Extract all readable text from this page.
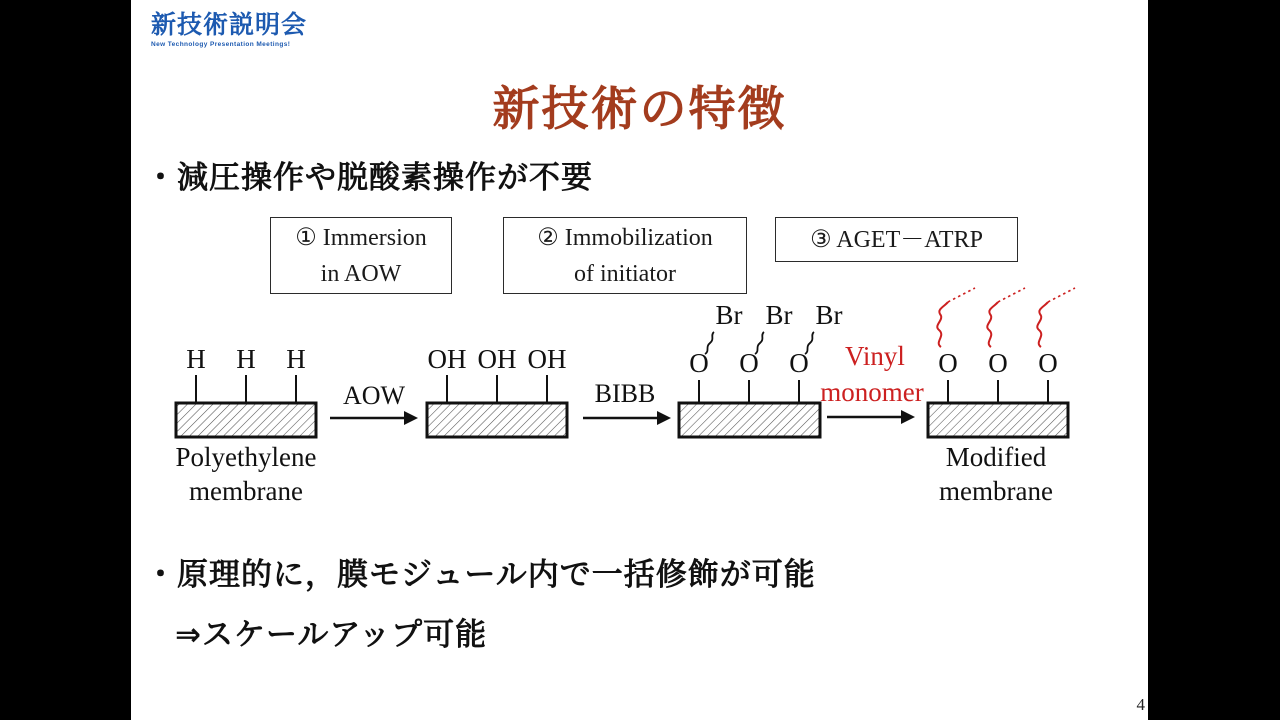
新技術説明会
New Technology Presentation Meetings!
新技術の特徴
・減圧操作や脱酸素操作が不要
・原理的に，膜モジュール内で一括修飾が可能
⇒スケールアップ可能
① Immersion
in AOW
② Immobilization
of initiator
③ AGET－ATRP
H H H
AOW
OH OH OH
BIBB
O O O
Br Br Br
Vinyl
monomer
O O O
Polyethylene
membrane
Modified
membrane
4
